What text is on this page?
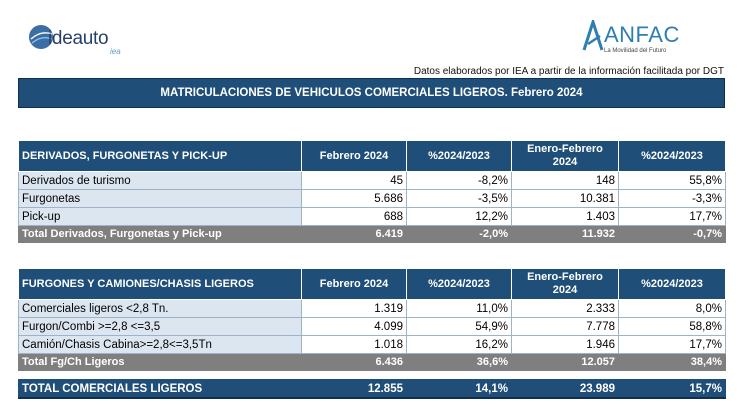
ideauto
iea
ANFAC
La Movilidad del Futuro
Datos elaborados por IEA a partir de la información facilitada por DGT
MATRICULACIONES DE VEHICULOS COMERCIALES LIGEROS. Febrero 2024
DERIVADOS, FURGONETAS Y PICK-UP	Febrero 2024	%2024/2023	Enero-Febrero 2024	%2024/2023
Derivados de turismo	45	-8,2%	148	55,8%
Furgonetas	5.686	-3,5%	10.381	-3,3%
Pick-up	688	12,2%	1.403	17,7%
Total Derivados, Furgonetas y Pick-up	6.419	-2,0%	11.932	-0,7%
FURGONES Y CAMIONES/CHASIS LIGEROS	Febrero 2024	%2024/2023	Enero-Febrero 2024	%2024/2023
Comerciales ligeros <2,8 Tn.	1.319	11,0%	2.333	8,0%
Furgon/Combi >=2,8 <=3,5	4.099	54,9%	7.778	58,8%
Camión/Chasis Cabina>=2,8<=3,5Tn	1.018	16,2%	1.946	17,7%
Total Fg/Ch Ligeros	6.436	36,6%	12.057	38,4%
TOTAL COMERCIALES LIGEROS	12.855	14,1%	23.989	15,7%
